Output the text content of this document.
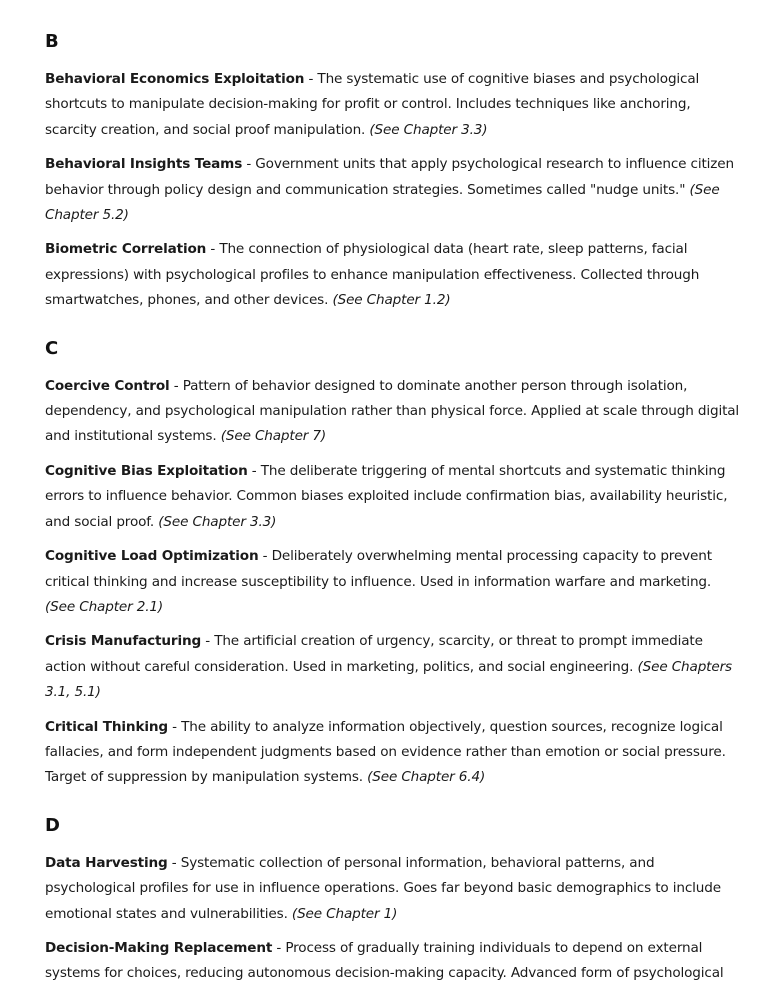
B

Behavioral Economics Exploitation - The systematic use of cognitive biases and psychological shortcuts to manipulate decision-making for profit or control. Includes techniques like anchoring, scarcity creation, and social proof manipulation. (See Chapter 3.3)

Behavioral Insights Teams - Government units that apply psychological research to influence citizen behavior through policy design and communication strategies. Sometimes called "nudge units." (See Chapter 5.2)

Biometric Correlation - The connection of physiological data (heart rate, sleep patterns, facial expressions) with psychological profiles to enhance manipulation effectiveness. Collected through smartwatches, phones, and other devices. (See Chapter 1.2)

C

Coercive Control - Pattern of behavior designed to dominate another person through isolation, dependency, and psychological manipulation rather than physical force. Applied at scale through digital and institutional systems. (See Chapter 7)

Cognitive Bias Exploitation - The deliberate triggering of mental shortcuts and systematic thinking errors to influence behavior. Common biases exploited include confirmation bias, availability heuristic, and social proof. (See Chapter 3.3)

Cognitive Load Optimization - Deliberately overwhelming mental processing capacity to prevent critical thinking and increase susceptibility to influence. Used in information warfare and marketing. (See Chapter 2.1)

Crisis Manufacturing - The artificial creation of urgency, scarcity, or threat to prompt immediate action without careful consideration. Used in marketing, politics, and social engineering. (See Chapters 3.1, 5.1)

Critical Thinking - The ability to analyze information objectively, question sources, recognize logical fallacies, and form independent judgments based on evidence rather than emotion or social pressure. Target of suppression by manipulation systems. (See Chapter 6.4)

D

Data Harvesting - Systematic collection of personal information, behavioral patterns, and psychological profiles for use in influence operations. Goes far beyond basic demographics to include emotional states and vulnerabilities. (See Chapter 1)

Decision-Making Replacement - Process of gradually training individuals to depend on external systems for choices, reducing autonomous decision-making capacity. Advanced form of psychological
